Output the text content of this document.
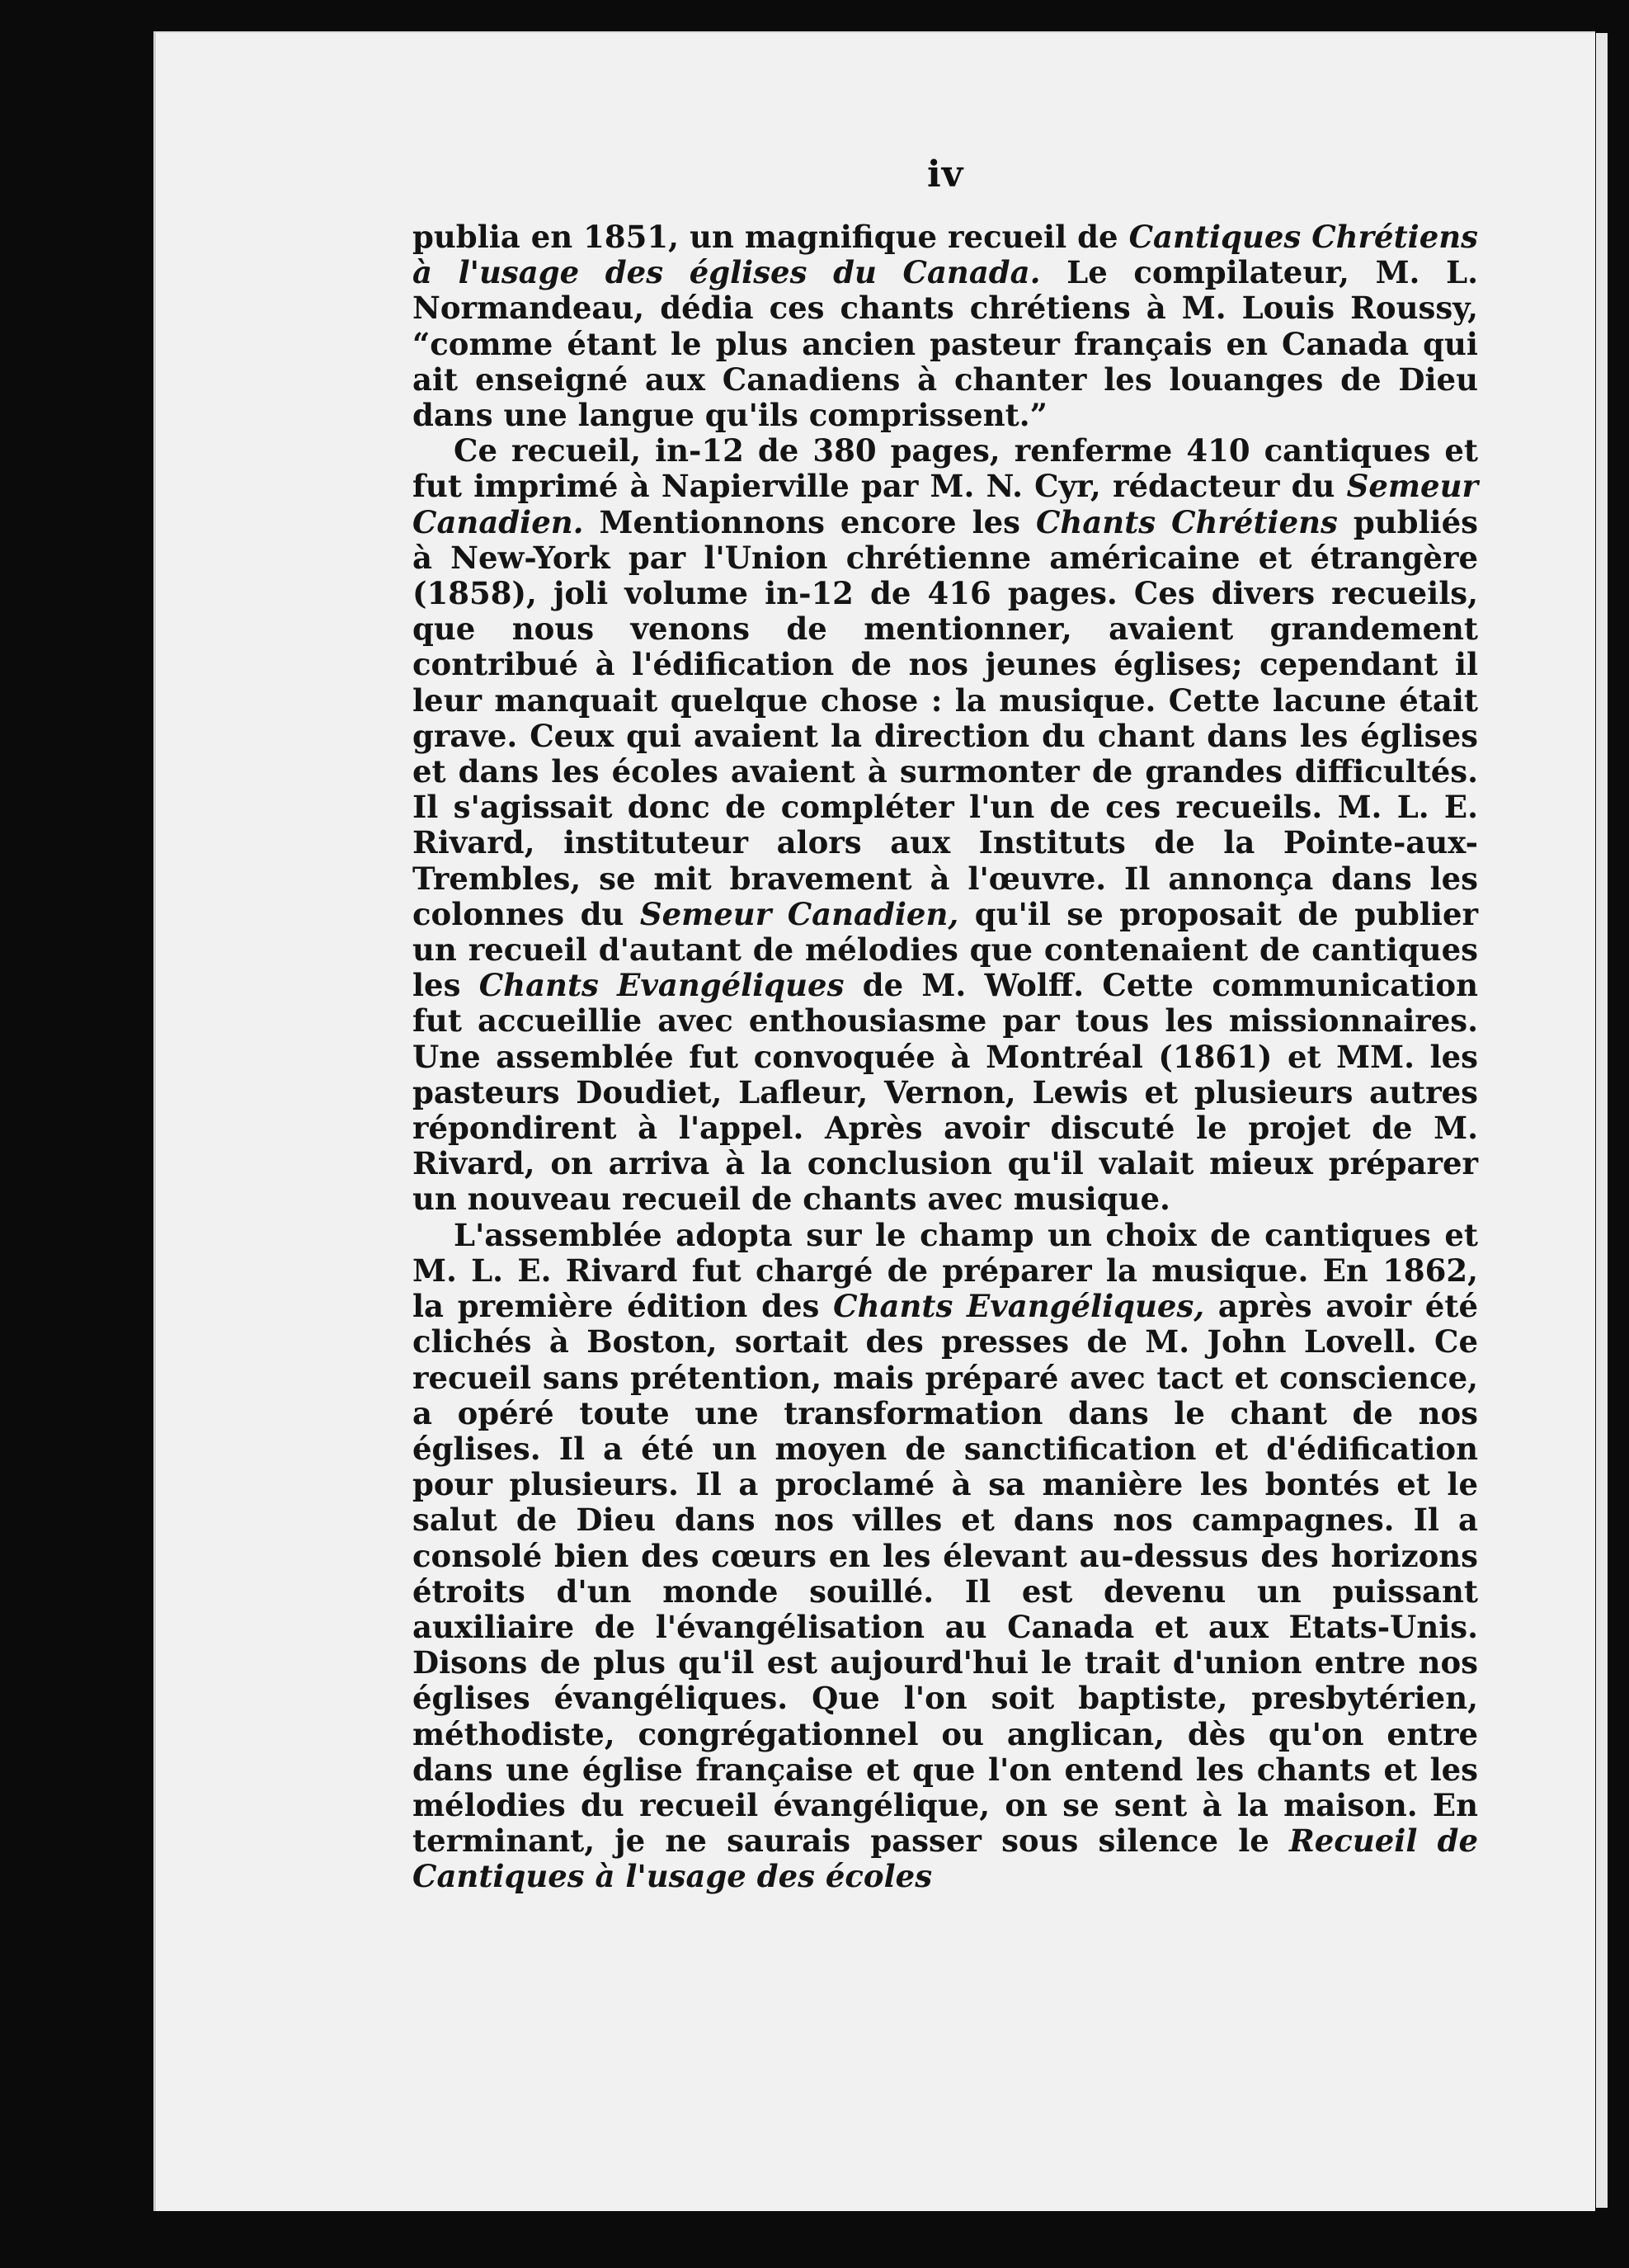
iv

publia en 1851, un magnifique recueil de Cantiques Chrétiens à l'usage des églises du Canada. Le compilateur, M. L. Normandeau, dédia ces chants chrétiens à M. Louis Roussy, “comme étant le plus ancien pasteur français en Canada qui ait enseigné aux Canadiens à chanter les louanges de Dieu dans une langue qu'ils comprissent.”

Ce recueil, in-12 de 380 pages, renferme 410 cantiques et fut imprimé à Napierville par M. N. Cyr, rédacteur du Semeur Canadien. Mentionnons encore les Chants Chrétiens publiés à New-York par l'Union chrétienne américaine et étrangère (1858), joli volume in-12 de 416 pages. Ces divers recueils, que nous venons de mentionner, avaient grandement contribué à l'édification de nos jeunes églises; cependant il leur manquait quelque chose : la musique. Cette lacune était grave. Ceux qui avaient la direction du chant dans les églises et dans les écoles avaient à surmonter de grandes difficultés. Il s'agissait donc de compléter l'un de ces recueils. M. L. E. Rivard, instituteur alors aux Instituts de la Pointe-aux-Trembles, se mit bravement à l'œuvre. Il annonça dans les colonnes du Semeur Canadien, qu'il se proposait de publier un recueil d'autant de mélodies que contenaient de cantiques les Chants Evangéliques de M. Wolff. Cette communication fut accueillie avec enthousiasme par tous les missionnaires. Une assemblée fut convoquée à Montréal (1861) et MM. les pasteurs Doudiet, Lafleur, Vernon, Lewis et plusieurs autres répondirent à l'appel. Après avoir discuté le projet de M. Rivard, on arriva à la conclusion qu'il valait mieux préparer un nouveau recueil de chants avec musique.

L'assemblée adopta sur le champ un choix de cantiques et M. L. E. Rivard fut chargé de préparer la musique. En 1862, la première édition des Chants Evangéliques, après avoir été clichés à Boston, sortait des presses de M. John Lovell. Ce recueil sans prétention, mais préparé avec tact et conscience, a opéré toute une transformation dans le chant de nos églises. Il a été un moyen de sanctification et d'édification pour plusieurs. Il a proclamé à sa manière les bontés et le salut de Dieu dans nos villes et dans nos campagnes. Il a consolé bien des cœurs en les élevant au-dessus des horizons étroits d'un monde souillé. Il est devenu un puissant auxiliaire de l'évangélisation au Canada et aux Etats-Unis. Disons de plus qu'il est aujourd'hui le trait d'union entre nos églises évangéliques. Que l'on soit baptiste, presbytérien, méthodiste, congrégationnel ou anglican, dès qu'on entre dans une église française et que l'on entend les chants et les mélodies du recueil évangélique, on se sent à la maison. En terminant, je ne saurais passer sous silence le Recueil de Cantiques à l'usage des écoles
